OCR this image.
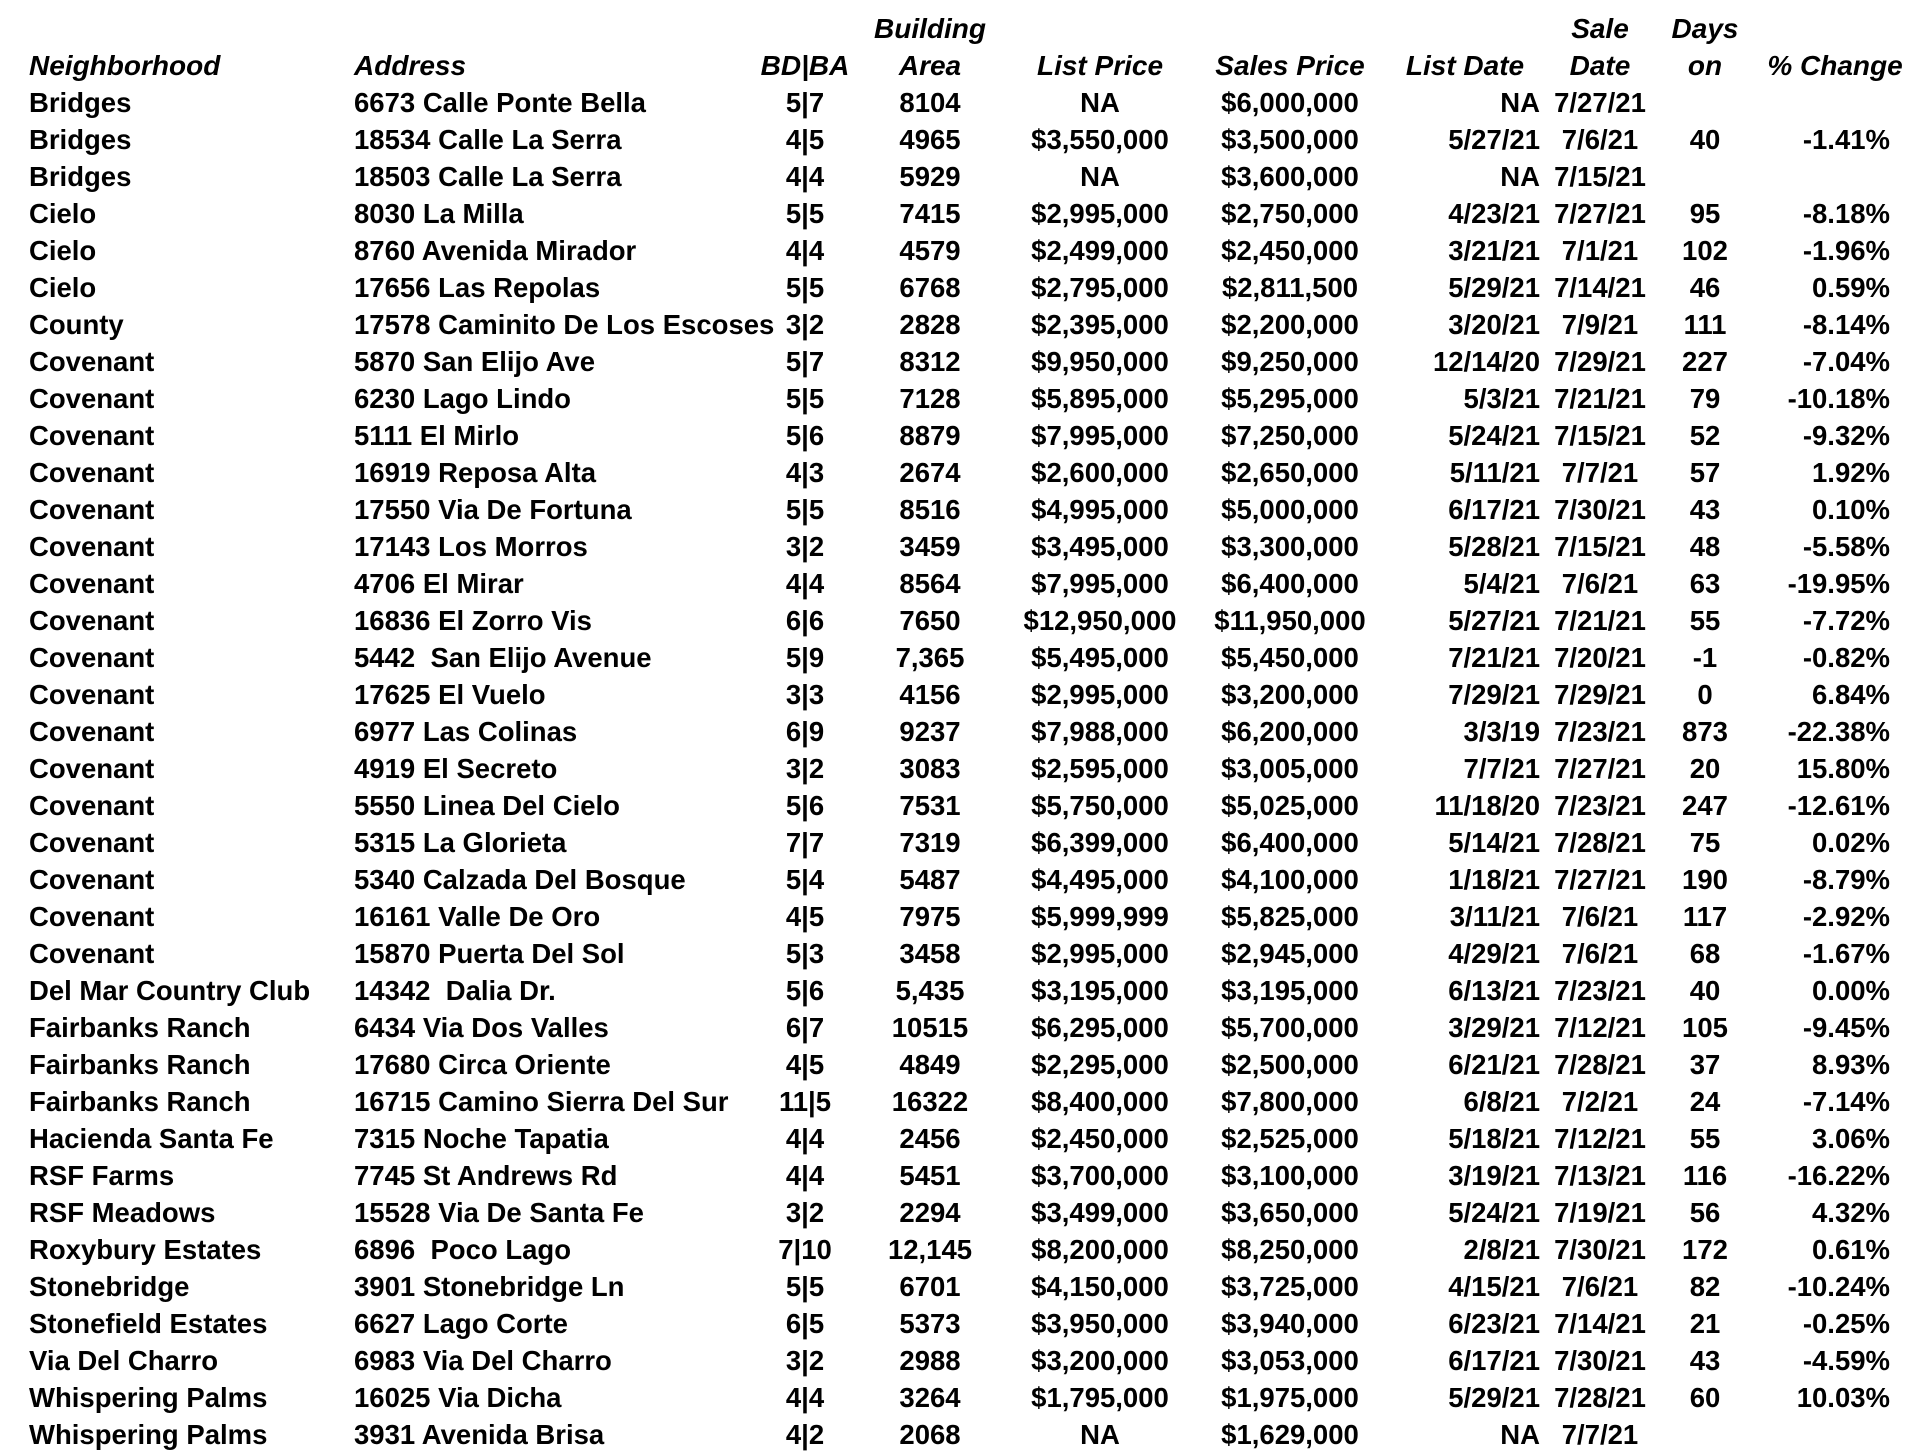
Building	Sale	Days
Neighborhood	Address	BD|BA	Area	List Price	Sales Price	List Date	Date	on	% Change
Bridges	6673 Calle Ponte Bella	5|7	8104	NA	$6,000,000	NA 7/27/21
Bridges	18534 Calle La Serra	4|5	4965	$3,550,000	$3,500,000	5/27/21 7/6/21	40	-1.41%
Bridges	18503 Calle La Serra	4|4	5929	NA	$3,600,000	NA 7/15/21
Cielo	8030 La Milla	5|5	7415	$2,995,000	$2,750,000	4/23/21 7/27/21	95	-8.18%
Cielo	8760 Avenida Mirador	4|4	4579	$2,499,000	$2,450,000	3/21/21 7/1/21	102	-1.96%
Cielo	17656 Las Repolas	5|5	6768	$2,795,000	$2,811,500	5/29/21 7/14/21	46	0.59%
County	17578 Caminito De Los Escoses 3|2	2828	$2,395,000	$2,200,000	3/20/21 7/9/21	111	-8.14%
Covenant	5870 San Elijo Ave	5|7	8312	$9,950,000	$9,250,000	12/14/20 7/29/21	227	-7.04%
Covenant	6230 Lago Lindo	5|5	7128	$5,895,000	$5,295,000	5/3/21 7/21/21	79	-10.18%
Covenant	5111 El Mirlo	5|6	8879	$7,995,000	$7,250,000	5/24/21 7/15/21	52	-9.32%
Covenant	16919 Reposa Alta	4|3	2674	$2,600,000	$2,650,000	5/11/21 7/7/21	57	1.92%
Covenant	17550 Via De Fortuna	5|5	8516	$4,995,000	$5,000,000	6/17/21 7/30/21	43	0.10%
Covenant	17143 Los Morros	3|2	3459	$3,495,000	$3,300,000	5/28/21 7/15/21	48	-5.58%
Covenant	4706 El Mirar	4|4	8564	$7,995,000	$6,400,000	5/4/21 7/6/21	63	-19.95%
Covenant	16836 El Zorro Vis	6|6	7650	$12,950,000	$11,950,000	5/27/21 7/21/21	55	-7.72%
Covenant	5442  San Elijo Avenue	5|9	7,365	$5,495,000	$5,450,000	7/21/21 7/20/21	-1	-0.82%
Covenant	17625 El Vuelo	3|3	4156	$2,995,000	$3,200,000	7/29/21 7/29/21	0	6.84%
Covenant	6977 Las Colinas	6|9	9237	$7,988,000	$6,200,000	3/3/19 7/23/21	873	-22.38%
Covenant	4919 El Secreto	3|2	3083	$2,595,000	$3,005,000	7/7/21 7/27/21	20	15.80%
Covenant	5550 Linea Del Cielo	5|6	7531	$5,750,000	$5,025,000	11/18/20 7/23/21	247	-12.61%
Covenant	5315 La Glorieta	7|7	7319	$6,399,000	$6,400,000	5/14/21 7/28/21	75	0.02%
Covenant	5340 Calzada Del Bosque	5|4	5487	$4,495,000	$4,100,000	1/18/21 7/27/21	190	-8.79%
Covenant	16161 Valle De Oro	4|5	7975	$5,999,999	$5,825,000	3/11/21 7/6/21	117	-2.92%
Covenant	15870 Puerta Del Sol	5|3	3458	$2,995,000	$2,945,000	4/29/21 7/6/21	68	-1.67%
Del Mar Country Club	14342  Dalia Dr.	5|6	5,435	$3,195,000	$3,195,000	6/13/21 7/23/21	40	0.00%
Fairbanks Ranch	6434 Via Dos Valles	6|7	10515	$6,295,000	$5,700,000	3/29/21 7/12/21	105	-9.45%
Fairbanks Ranch	17680 Circa Oriente	4|5	4849	$2,295,000	$2,500,000	6/21/21 7/28/21	37	8.93%
Fairbanks Ranch	16715 Camino Sierra Del Sur	11|5	16322	$8,400,000	$7,800,000	6/8/21 7/2/21	24	-7.14%
Hacienda Santa Fe	7315 Noche Tapatia	4|4	2456	$2,450,000	$2,525,000	5/18/21 7/12/21	55	3.06%
RSF Farms	7745 St Andrews Rd	4|4	5451	$3,700,000	$3,100,000	3/19/21 7/13/21	116	-16.22%
RSF Meadows	15528 Via De Santa Fe	3|2	2294	$3,499,000	$3,650,000	5/24/21 7/19/21	56	4.32%
Roxybury Estates	6896  Poco Lago	7|10	12,145	$8,200,000	$8,250,000	2/8/21 7/30/21	172	0.61%
Stonebridge	3901 Stonebridge Ln	5|5	6701	$4,150,000	$3,725,000	4/15/21 7/6/21	82	-10.24%
Stonefield Estates	6627 Lago Corte	6|5	5373	$3,950,000	$3,940,000	6/23/21 7/14/21	21	-0.25%
Via Del Charro	6983 Via Del Charro	3|2	2988	$3,200,000	$3,053,000	6/17/21 7/30/21	43	-4.59%
Whispering Palms	16025 Via Dicha	4|4	3264	$1,795,000	$1,975,000	5/29/21 7/28/21	60	10.03%
Whispering Palms	3931 Avenida Brisa	4|2	2068	NA	$1,629,000	NA 7/7/21
